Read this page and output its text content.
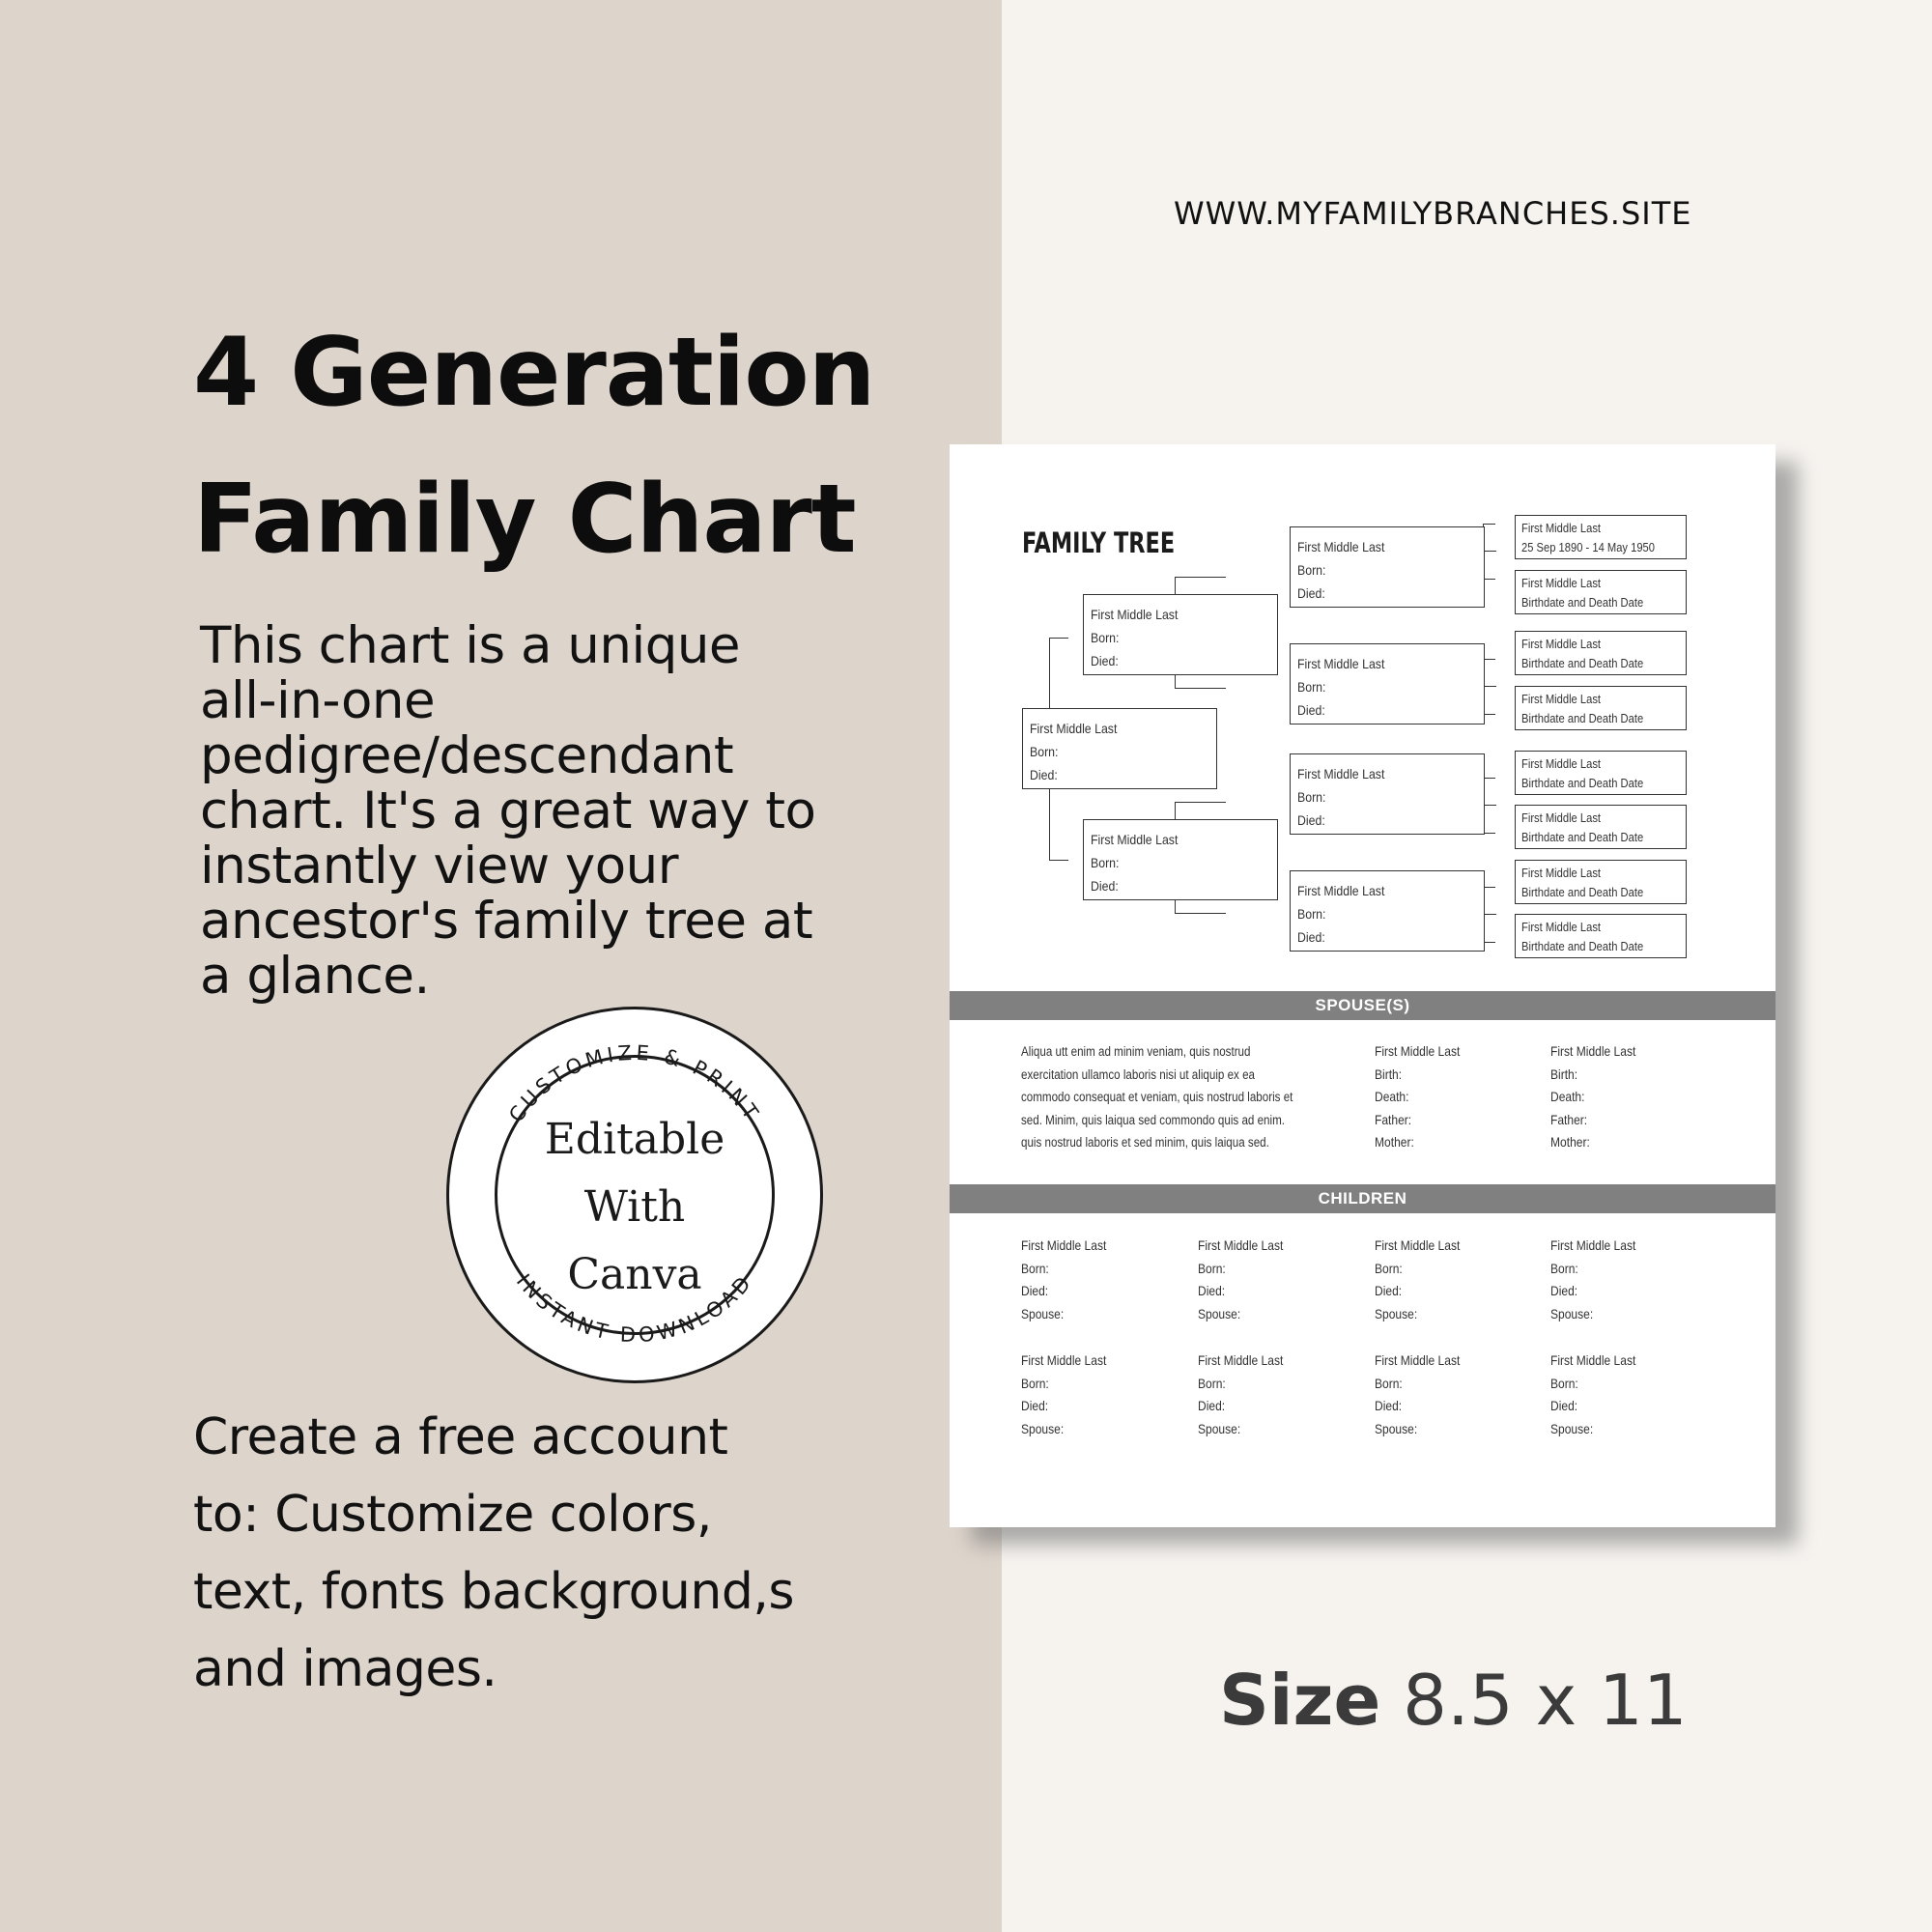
WWW.MYFAMILYBRANCHES.SITE
4 Generation
Family Chart
This chart is a unique
all-in-one
pedigree/descendant
chart. It's a great way to
instantly view your
ancestor's family tree at
a glance.
CUSTOMIZE & PRINT
INSTANT DOWNLOAD
Editable
With
Canva
Create a free account
to: Customize colors,
text, fonts background,s
and images.	Size 8.5 x 11
FAMILY TREE
First Middle Last
Born:
Died:
First Middle Last
Born:
Died:
First Middle Last
Born:
Died:
First Middle Last
Born:
Died:
First Middle Last
Born:
Died:
First Middle Last
Born:
Died:
First Middle Last
Born:
Died:
First Middle Last
25 Sep 1890 - 14 May 1950
First Middle Last
Birthdate and Death Date
First Middle Last
Birthdate and Death Date
First Middle Last
Birthdate and Death Date
First Middle Last
Birthdate and Death Date
First Middle Last
Birthdate and Death Date
First Middle Last
Birthdate and Death Date
First Middle Last
Birthdate and Death Date
SPOUSE(S)
Aliqua utt enim ad minim veniam, quis nostrud
exercitation ullamco laboris nisi ut aliquip ex ea
commodo consequat et veniam, quis nostrud laboris et
sed. Minim, quis laiqua sed commondo quis ad enim.
quis nostrud laboris et sed minim, quis laiqua sed.
First Middle Last
Birth:
Death:
Father:
Mother:
First Middle Last
Birth:
Death:
Father:
Mother:
CHILDREN
First Middle Last
Born:
Died:
Spouse:
First Middle Last
Born:
Died:
Spouse:
First Middle Last
Born:
Died:
Spouse:
First Middle Last
Born:
Died:
Spouse:
First Middle Last
Born:
Died:
Spouse:
First Middle Last
Born:
Died:
Spouse:
First Middle Last
Born:
Died:
Spouse:
First Middle Last
Born:
Died:
Spouse:
